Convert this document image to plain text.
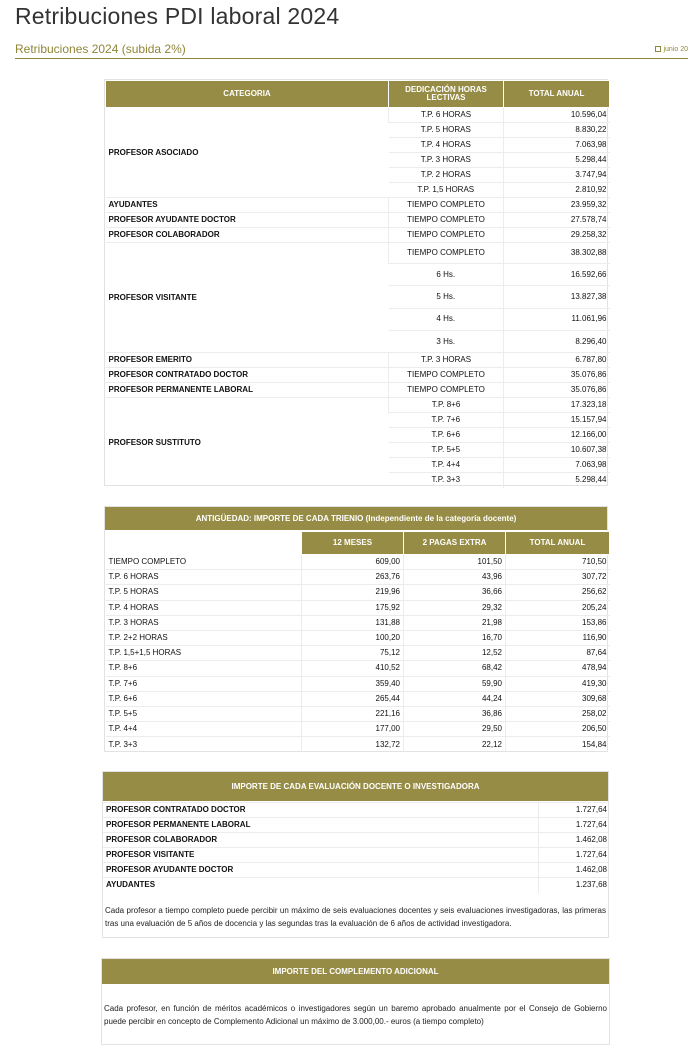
Retribuciones PDI laboral 2024
Retribuciones 2024 (subida 2%)	junio 20
CATEGORIA	DEDICACIÓN HORAS LECTIVAS	TOTAL ANUAL
PROFESOR ASOCIADO	T.P. 6 HORAS	10.596,04
	T.P. 5 HORAS	8.830,22
	T.P. 4 HORAS	7.063,98
	T.P. 3 HORAS	5.298,44
	T.P. 2 HORAS	3.747,94
	T.P. 1,5 HORAS	2.810,92
AYUDANTES	TIEMPO COMPLETO	23.959,32
PROFESOR AYUDANTE DOCTOR	TIEMPO COMPLETO	27.578,74
PROFESOR COLABORADOR	TIEMPO COMPLETO	29.258,32
PROFESOR VISITANTE	TIEMPO COMPLETO	38.302,88
	6 Hs.	16.592,66
	5 Hs.	13.827,38
	4 Hs.	11.061,96
	3 Hs.	8.296,40
PROFESOR EMERITO	T.P. 3 HORAS	6.787,80
PROFESOR CONTRATADO DOCTOR	TIEMPO COMPLETO	35.076,86
PROFESOR PERMANENTE LABORAL	TIEMPO COMPLETO	35.076,86
PROFESOR SUSTITUTO	T.P. 8+6	17.323,18
	T.P. 7+6	15.157,94
	T.P. 6+6	12.166,00
	T.P. 5+5	10.607,38
	T.P. 4+4	7.063,98
	T.P. 3+3	5.298,44
ANTIGÜEDAD: IMPORTE DE CADA TRIENIO (Independiente de la categoría docente)
	12 MESES	2 PAGAS EXTRA	TOTAL ANUAL
TIEMPO COMPLETO	609,00	101,50	710,50
T.P. 6 HORAS	263,76	43,96	307,72
T.P. 5 HORAS	219,96	36,66	256,62
T.P. 4 HORAS	175,92	29,32	205,24
T.P. 3 HORAS	131,88	21,98	153,86
T.P. 2+2 HORAS	100,20	16,70	116,90
T.P. 1,5+1,5 HORAS	75,12	12,52	87,64
T.P. 8+6	410,52	68,42	478,94
T.P. 7+6	359,40	59,90	419,30
T.P. 6+6	265,44	44,24	309,68
T.P. 5+5	221,16	36,86	258,02
T.P. 4+4	177,00	29,50	206,50
T.P. 3+3	132,72	22,12	154,84
IMPORTE DE CADA EVALUACIÓN DOCENTE O INVESTIGADORA
PROFESOR CONTRATADO DOCTOR	1.727,64
PROFESOR PERMANENTE LABORAL	1.727,64
PROFESOR COLABORADOR	1.462,08
PROFESOR VISITANTE	1.727,64
PROFESOR AYUDANTE DOCTOR	1.462,08
AYUDANTES	1.237,68
Cada profesor a tiempo completo puede percibir un máximo de seis evaluaciones docentes y seis evaluaciones investigadoras, las primeras tras una evaluación de 5 años de docencia y las segundas tras la evaluación de 6 años de actividad investigadora.
IMPORTE DEL COMPLEMENTO ADICIONAL
Cada profesor, en función de méritos académicos o investigadores según un baremo aprobado anualmente por el Consejo de Gobierno puede percibir en concepto de Complemento Adicional un máximo de 3.000,00.- euros (a tiempo completo)
